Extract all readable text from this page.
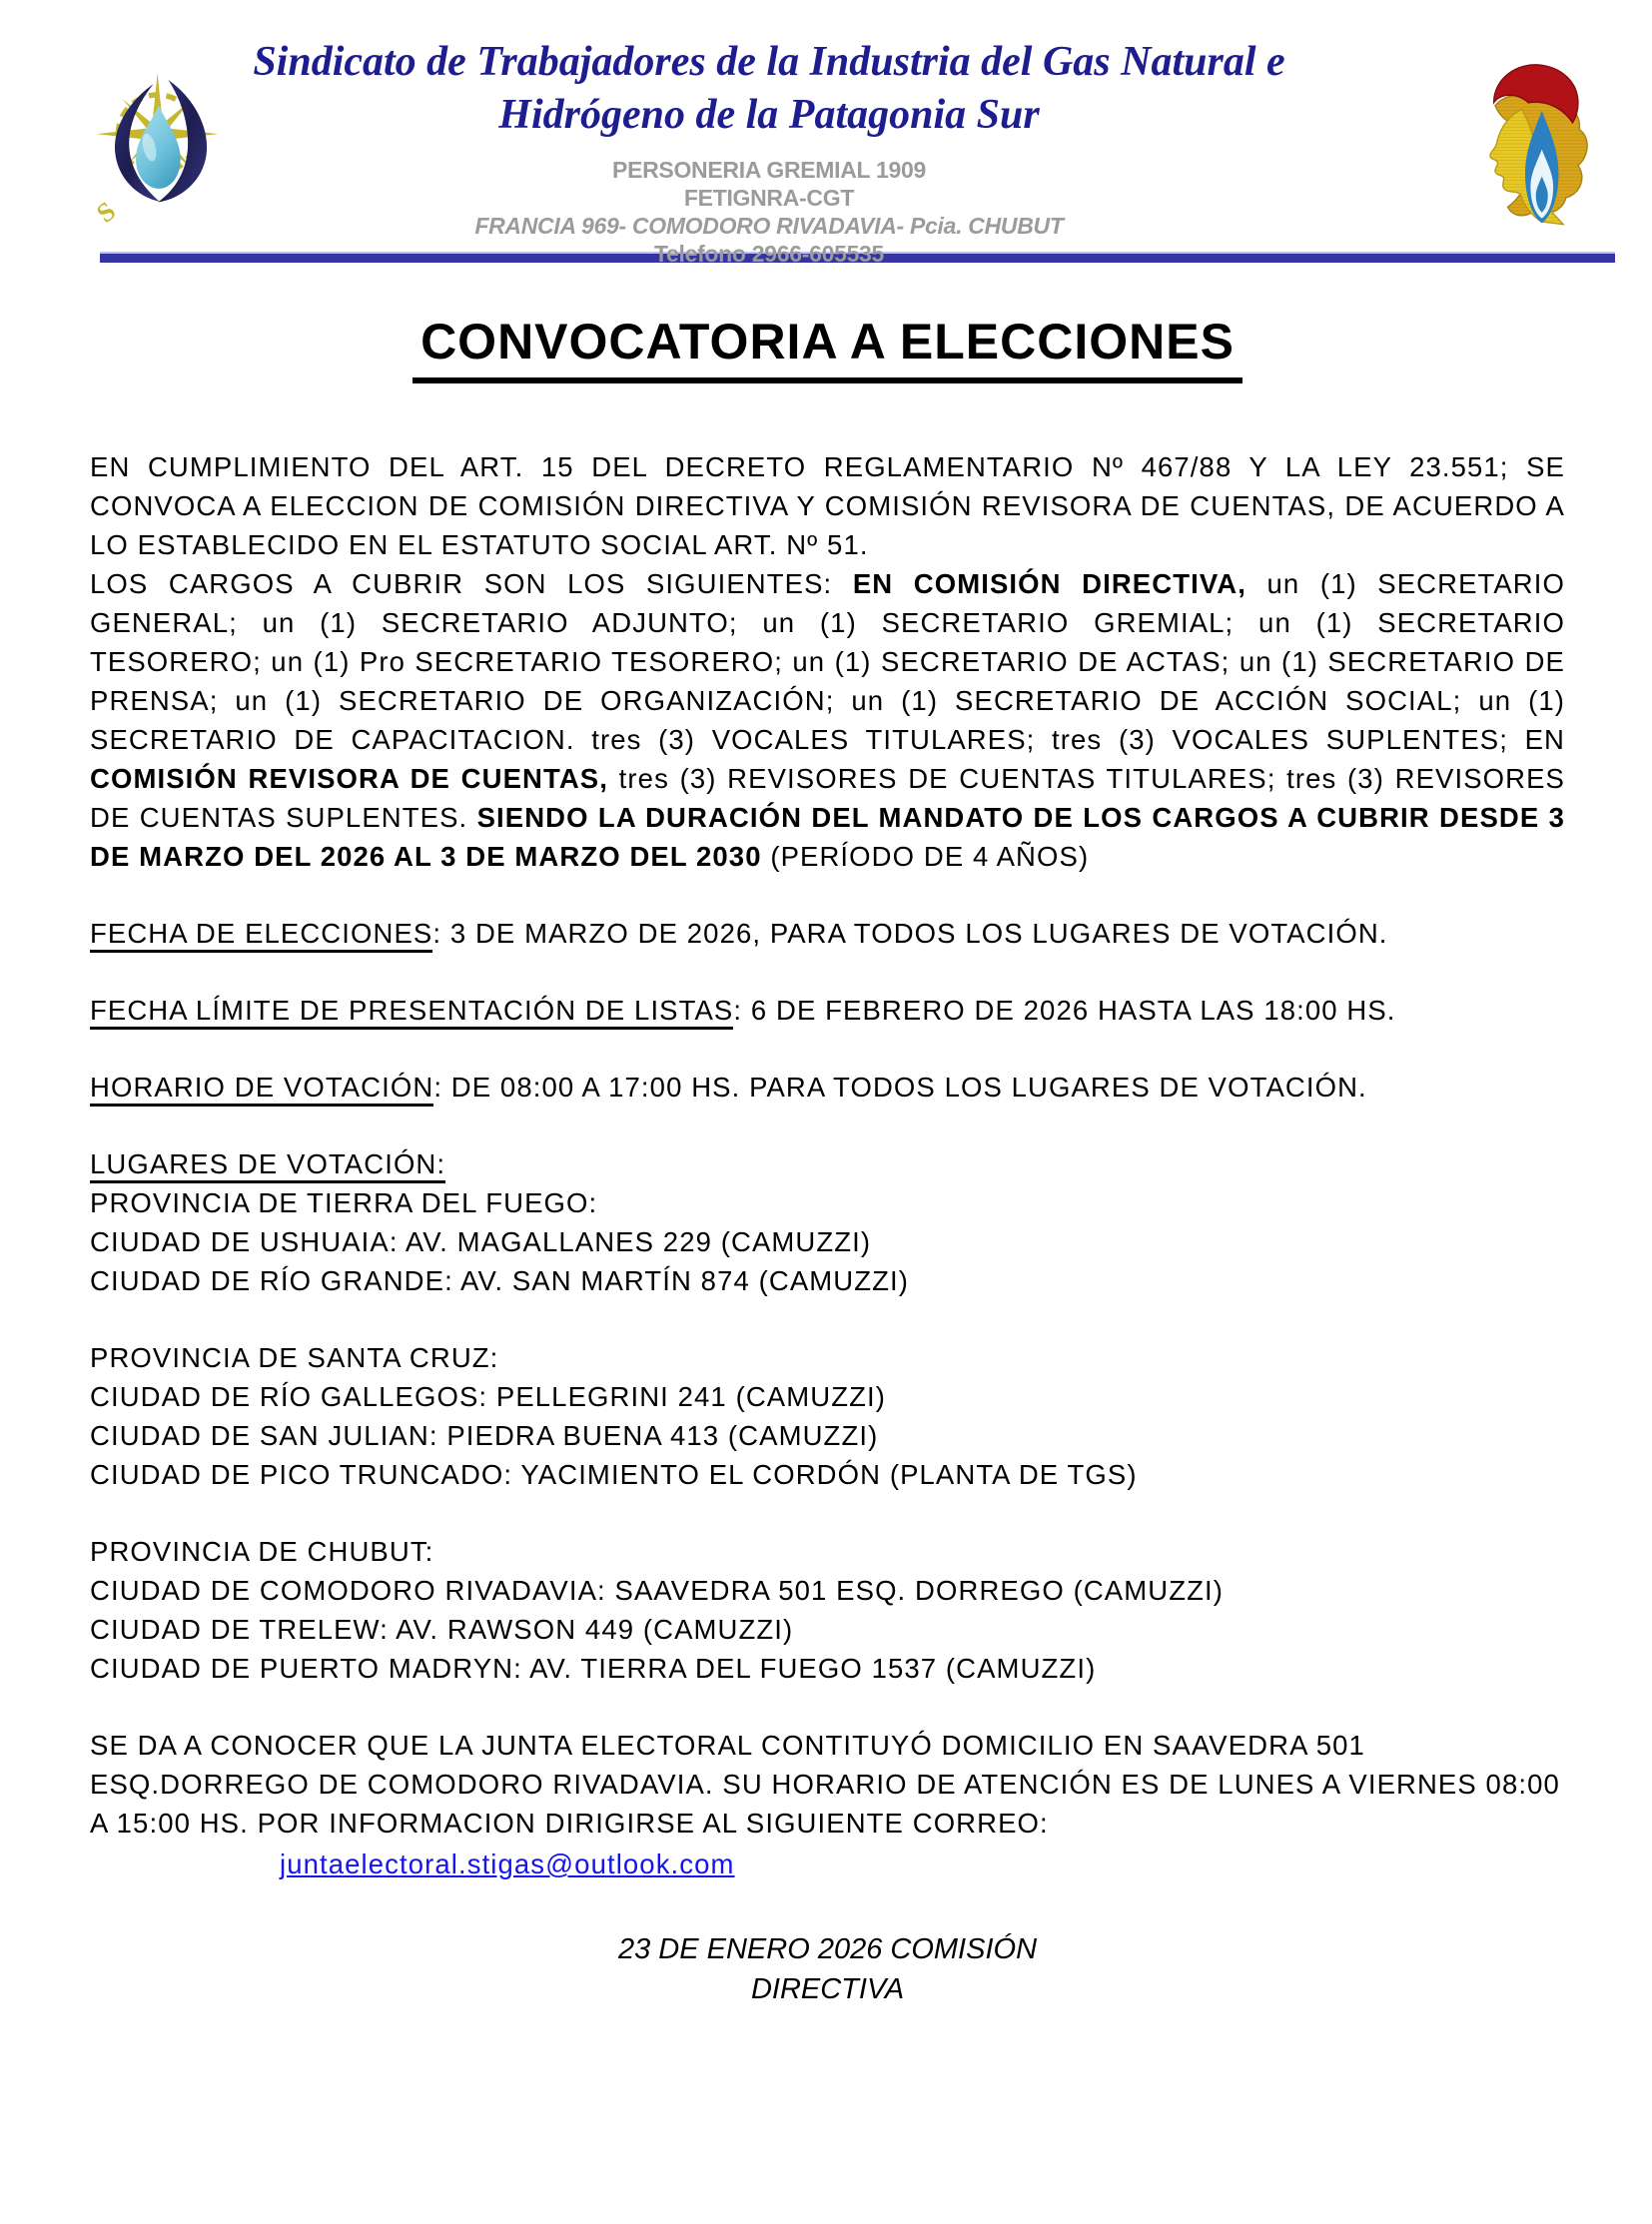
S
Sindicato de Trabajadores de la Industria del Gas Natural e
Hidrógeno de la Patagonia Sur
PERSONERIA GREMIAL 1909
FETIGNRA-CGT
FRANCIA 969- COMODORO RIVADAVIA- Pcia. CHUBUT
Telefono 2966-605535
CONVOCATORIA A ELECCIONES

EN CUMPLIMIENTO DEL ART. 15 DEL DECRETO REGLAMENTARIO Nº 467/88 Y LA LEY 23.551; SE CONVOCA A ELECCION DE COMISIÓN DIRECTIVA Y COMISIÓN REVISORA DE CUENTAS, DE ACUERDO A LO ESTABLECIDO EN EL ESTATUTO SOCIAL ART. Nº 51.

LOS CARGOS A CUBRIR SON LOS SIGUIENTES: EN COMISIÓN DIRECTIVA, un (1) SECRETARIO GENERAL; un (1) SECRETARIO ADJUNTO; un (1) SECRETARIO GREMIAL; un (1) SECRETARIO TESORERO; un (1) Pro SECRETARIO TESORERO; un (1) SECRETARIO DE ACTAS; un (1) SECRETARIO DE PRENSA; un (1) SECRETARIO DE ORGANIZACIÓN; un (1) SECRETARIO DE ACCIÓN SOCIAL; un (1) SECRETARIO DE CAPACITACION. tres (3) VOCALES TITULARES; tres (3) VOCALES SUPLENTES; EN COMISIÓN REVISORA DE CUENTAS, tres (3) REVISORES DE CUENTAS TITULARES; tres (3) REVISORES DE CUENTAS SUPLENTES. SIENDO LA DURACIÓN DEL MANDATO DE LOS CARGOS A CUBRIR DESDE 3 DE MARZO DEL 2026 AL 3 DE MARZO DEL 2030 (PERÍODO DE 4 AÑOS)

FECHA DE ELECCIONES: 3 DE MARZO DE 2026, PARA TODOS LOS LUGARES DE VOTACIÓN.

FECHA LÍMITE DE PRESENTACIÓN DE LISTAS: 6 DE FEBRERO DE 2026 HASTA LAS 18:00 HS.

HORARIO DE VOTACIÓN: DE 08:00 A 17:00 HS. PARA TODOS LOS LUGARES DE VOTACIÓN.

LUGARES DE VOTACIÓN:

PROVINCIA DE TIERRA DEL FUEGO:

CIUDAD DE USHUAIA: AV. MAGALLANES 229 (CAMUZZI)

CIUDAD DE RÍO GRANDE: AV. SAN MARTÍN 874 (CAMUZZI)

PROVINCIA DE SANTA CRUZ:

CIUDAD DE RÍO GALLEGOS: PELLEGRINI 241 (CAMUZZI)

CIUDAD DE SAN JULIAN: PIEDRA BUENA 413 (CAMUZZI)

CIUDAD DE PICO TRUNCADO: YACIMIENTO EL CORDÓN (PLANTA DE TGS)

PROVINCIA DE CHUBUT:

CIUDAD DE COMODORO RIVADAVIA: SAAVEDRA 501 ESQ. DORREGO (CAMUZZI)

CIUDAD DE TRELEW: AV. RAWSON 449 (CAMUZZI)

CIUDAD DE PUERTO MADRYN: AV. TIERRA DEL FUEGO 1537 (CAMUZZI)

SE DA A CONOCER QUE LA JUNTA ELECTORAL CONTITUYÓ DOMICILIO EN SAAVEDRA 501 ESQ.DORREGO DE COMODORO RIVADAVIA. SU HORARIO DE ATENCIÓN ES DE LUNES A VIERNES 08:00 A 15:00 HS. POR INFORMACION DIRIGIRSE AL SIGUIENTE CORREO:

juntaelectoral.stigas@outlook.com

23 DE ENERO 2026 COMISIÓN
DIRECTIVA
